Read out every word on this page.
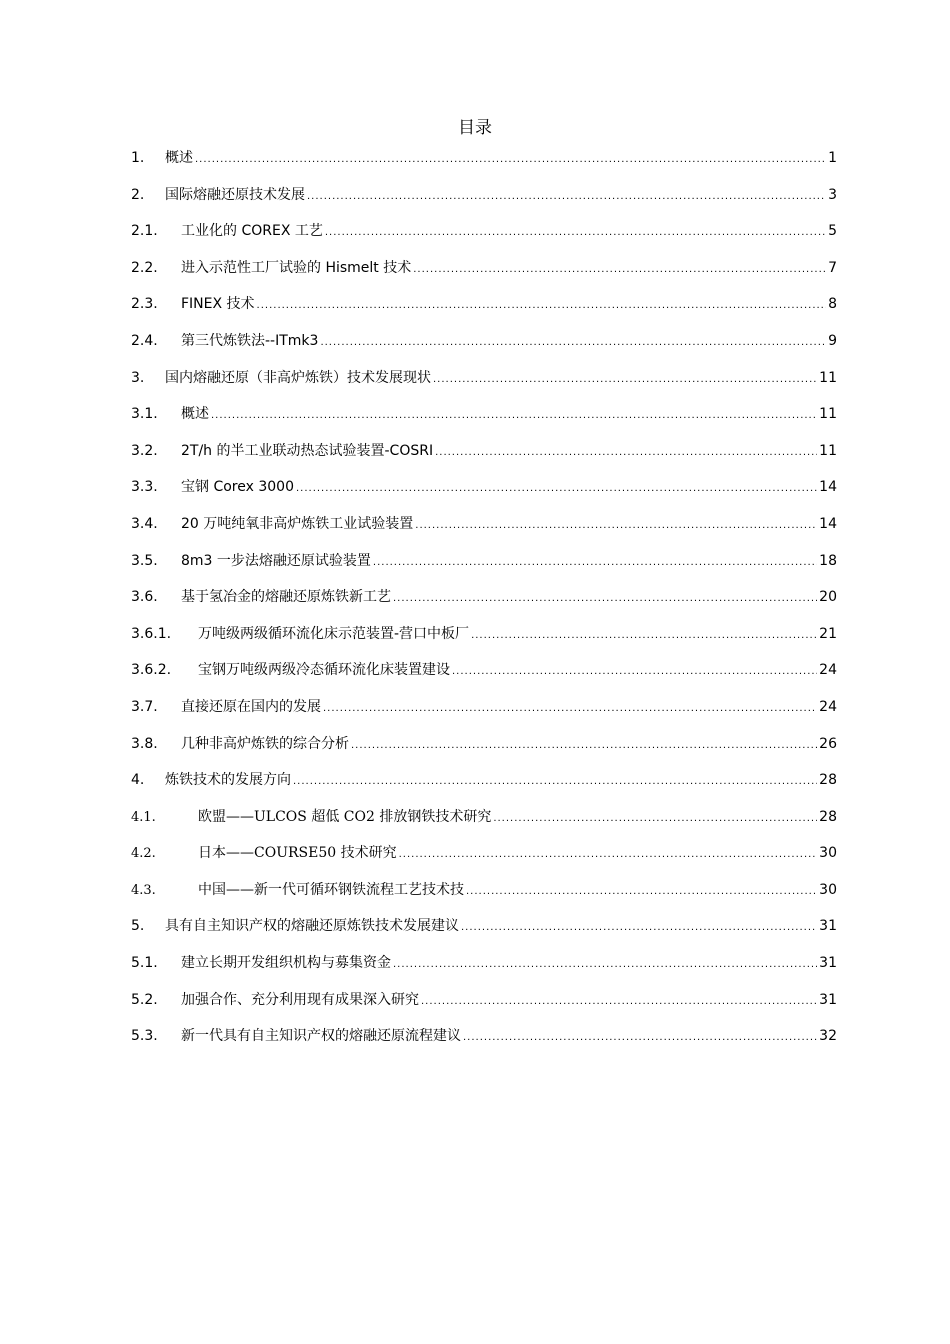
目录
1.	概述 .....	1
2.	国际熔融还原技术发展 .....	3
2.1.	工业化的 COREX 工艺 .....	5
2.2.	进入示范性工厂试验的 Hismelt 技术 .....	7
2.3.	FINEX 技术 .....	8
2.4.	第三代炼铁法--ITmk3 .....	9
3.	国内熔融还原（非高炉炼铁）技术发展现状 .....	11
3.1.	概述 .....	11
3.2.	2T/h 的半工业联动热态试验装置-COSRI .....	11
3.3.	宝钢 Corex 3000 .....	14
3.4.	20 万吨纯氧非高炉炼铁工业试验装置 .....	14
3.5.	8m3 一步法熔融还原试验装置 .....	18
3.6.	基于氢冶金的熔融还原炼铁新工艺 .....	20
3.6.1.	万吨级两级循环流化床示范装置-营口中板厂 .....	21
3.6.2.	宝钢万吨级两级冷态循环流化床装置建设 .....	24
3.7.	直接还原在国内的发展 .....	24
3.8.	几种非高炉炼铁的综合分析 .....	26
4.	炼铁技术的发展方向 .....	28
4.1.	欧盟——ULCOS 超低 CO2 排放钢铁技术研究 .....	28
4.2.	日本——COURSE50 技术研究 .....	30
4.3.	中国——新一代可循环钢铁流程工艺技术技 .....	30
5.	具有自主知识产权的熔融还原炼铁技术发展建议 .....	31
5.1.	建立长期开发组织机构与募集资金 .....	31
5.2.	加强合作、充分利用现有成果深入研究 .....	31
5.3.	新一代具有自主知识产权的熔融还原流程建议 .....	32
